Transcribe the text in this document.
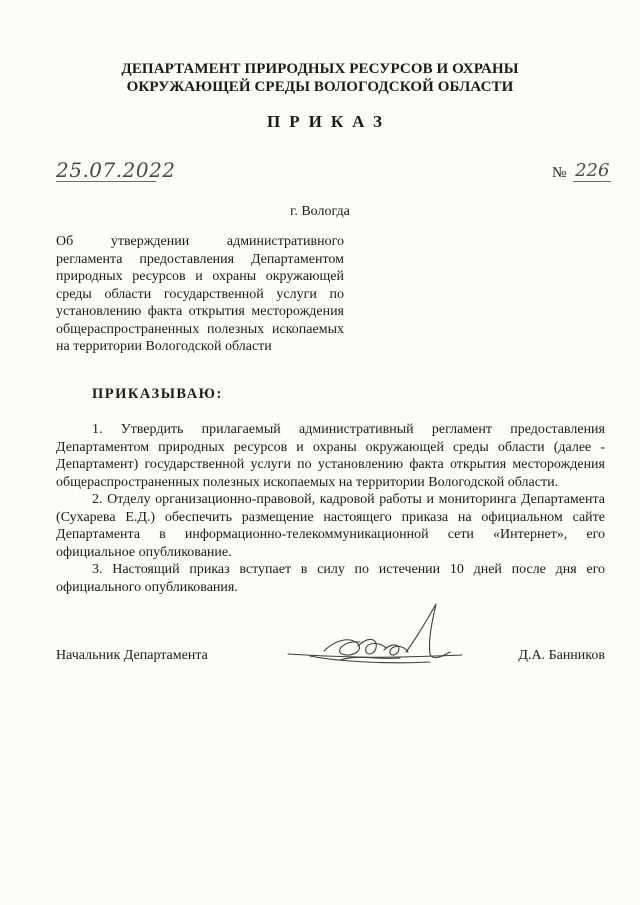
ДЕПАРТАМЕНТ ПРИРОДНЫХ РЕСУРСОВ И ОХРАНЫ
ОКРУЖАЮЩЕЙ СРЕДЫ ВОЛОГОДСКОЙ ОБЛАСТИ
ПРИКАЗ
25.07.2022	№ 226
г. Вологда
Об утверждении административного регламента предоставления Департаментом природных ресурсов и охраны окружающей среды области государственной услуги по установлению факта открытия месторождения общераспространенных полезных ископаемых на территории Вологодской области
ПРИКАЗЫВАЮ:

1. Утвердить прилагаемый административный регламент предоставления Департаментом природных ресурсов и охраны окружающей среды области (далее - Департамент) государственной услуги по установлению факта открытия месторождения общераспространенных полезных ископаемых на территории Вологодской области.

2. Отделу организационно-правовой, кадровой работы и мониторинга Департамента (Сухарева Е.Д.) обеспечить размещение настоящего приказа на официальном сайте Департамента в информационно-телекоммуникационной сети «Интернет», его официальное опубликование.

3. Настоящий приказ вступает в силу по истечении 10 дней после дня его официального опубликования.

Начальник Департамента	Д.А. Банников
